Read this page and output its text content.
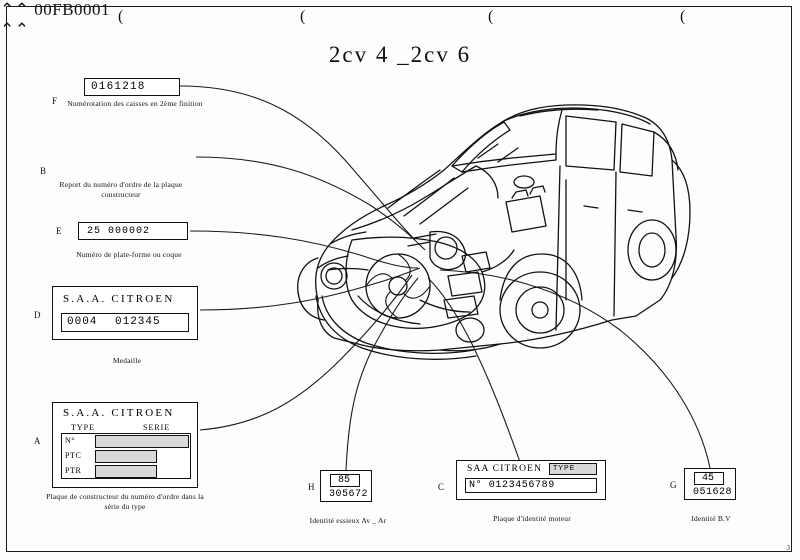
(	(	(	(
2cv 4 _2cv 6
F
0161218
Numérotation des caisses en 2ème finition
B
⌃⌃ 00FB0001 ⌃⌃
Report du numéro d'ordre de la plaque constructeur
E	25 000002
Numéro de plate-forme ou coque
D
S.A.A. CITROEN
0004 012345
Medaille
A
S.A.A. CITROEN
TYPE	SERIE
N°
PTC
PTR
Plaque de constructeur du numéro d'ordre dans la série du type
H
85
305672
Identité essieux Av _ Ar
C
SAA CITROEN TYPE
N° 0123456789
Plaque d'identité moteur
G
45
051628
Identité B.V
3
